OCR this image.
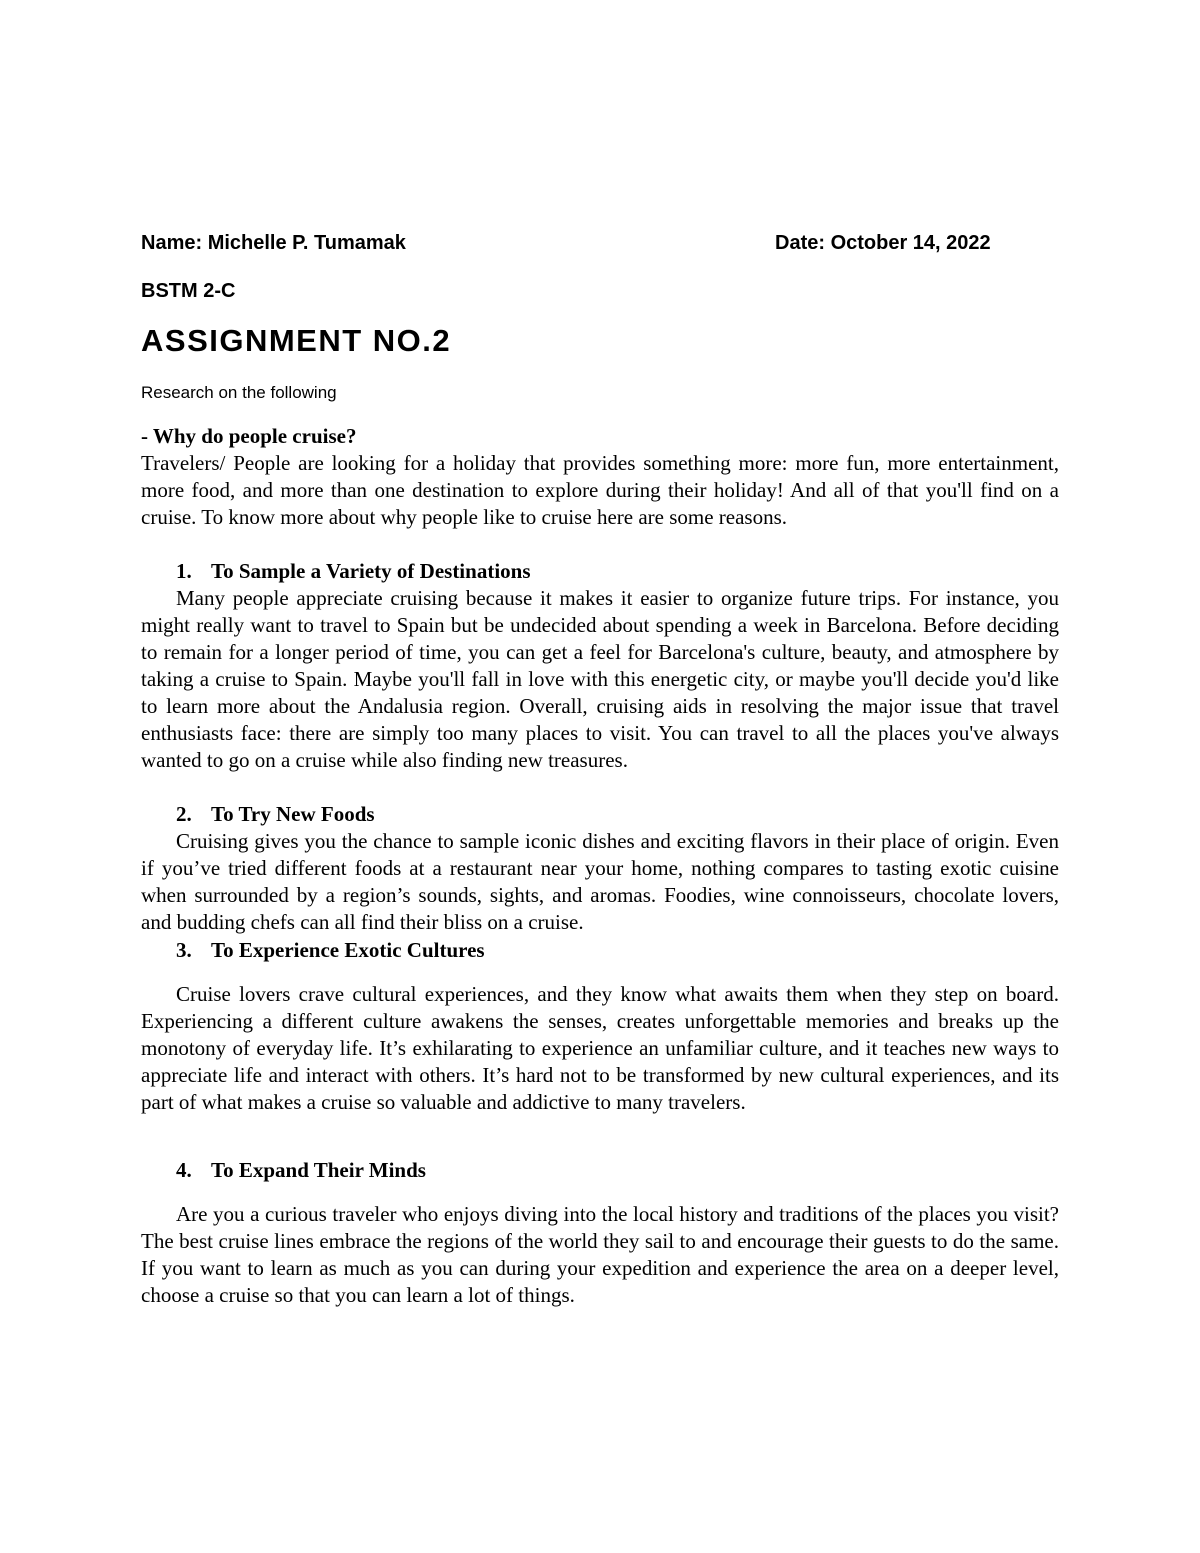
Name: Michelle P. Tumamak	Date: October 14, 2022
BSTM 2-C
ASSIGNMENT NO.2
Research on the following
- Why do people cruise?
Travelers/ People are looking for a holiday that provides something more: more fun, more entertainment, more food, and more than one destination to explore during their holiday! And all of that you'll find on a cruise. To know more about why people like to cruise here are some reasons.
1. To Sample a Variety of Destinations
Many people appreciate cruising because it makes it easier to organize future trips. For instance, you might really want to travel to Spain but be undecided about spending a week in Barcelona. Before deciding to remain for a longer period of time, you can get a feel for Barcelona's culture, beauty, and atmosphere by taking a cruise to Spain. Maybe you'll fall in love with this energetic city, or maybe you'll decide you'd like to learn more about the Andalusia region. Overall, cruising aids in resolving the major issue that travel enthusiasts face: there are simply too many places to visit. You can travel to all the places you've always wanted to go on a cruise while also finding new treasures.
2. To Try New Foods
Cruising gives you the chance to sample iconic dishes and exciting flavors in their place of origin. Even if you’ve tried different foods at a restaurant near your home, nothing compares to tasting exotic cuisine when surrounded by a region’s sounds, sights, and aromas. Foodies, wine connoisseurs, chocolate lovers, and budding chefs can all find their bliss on a cruise.
3. To Experience Exotic Cultures
Cruise lovers crave cultural experiences, and they know what awaits them when they step on board. Experiencing a different culture awakens the senses, creates unforgettable memories and breaks up the monotony of everyday life. It’s exhilarating to experience an unfamiliar culture, and it teaches new ways to appreciate life and interact with others. It’s hard not to be transformed by new cultural experiences, and its part of what makes a cruise so valuable and addictive to many travelers.
4. To Expand Their Minds
Are you a curious traveler who enjoys diving into the local history and traditions of the places you visit? The best cruise lines embrace the regions of the world they sail to and encourage their guests to do the same. If you want to learn as much as you can during your expedition and experience the area on a deeper level, choose a cruise so that you can learn a lot of things.
